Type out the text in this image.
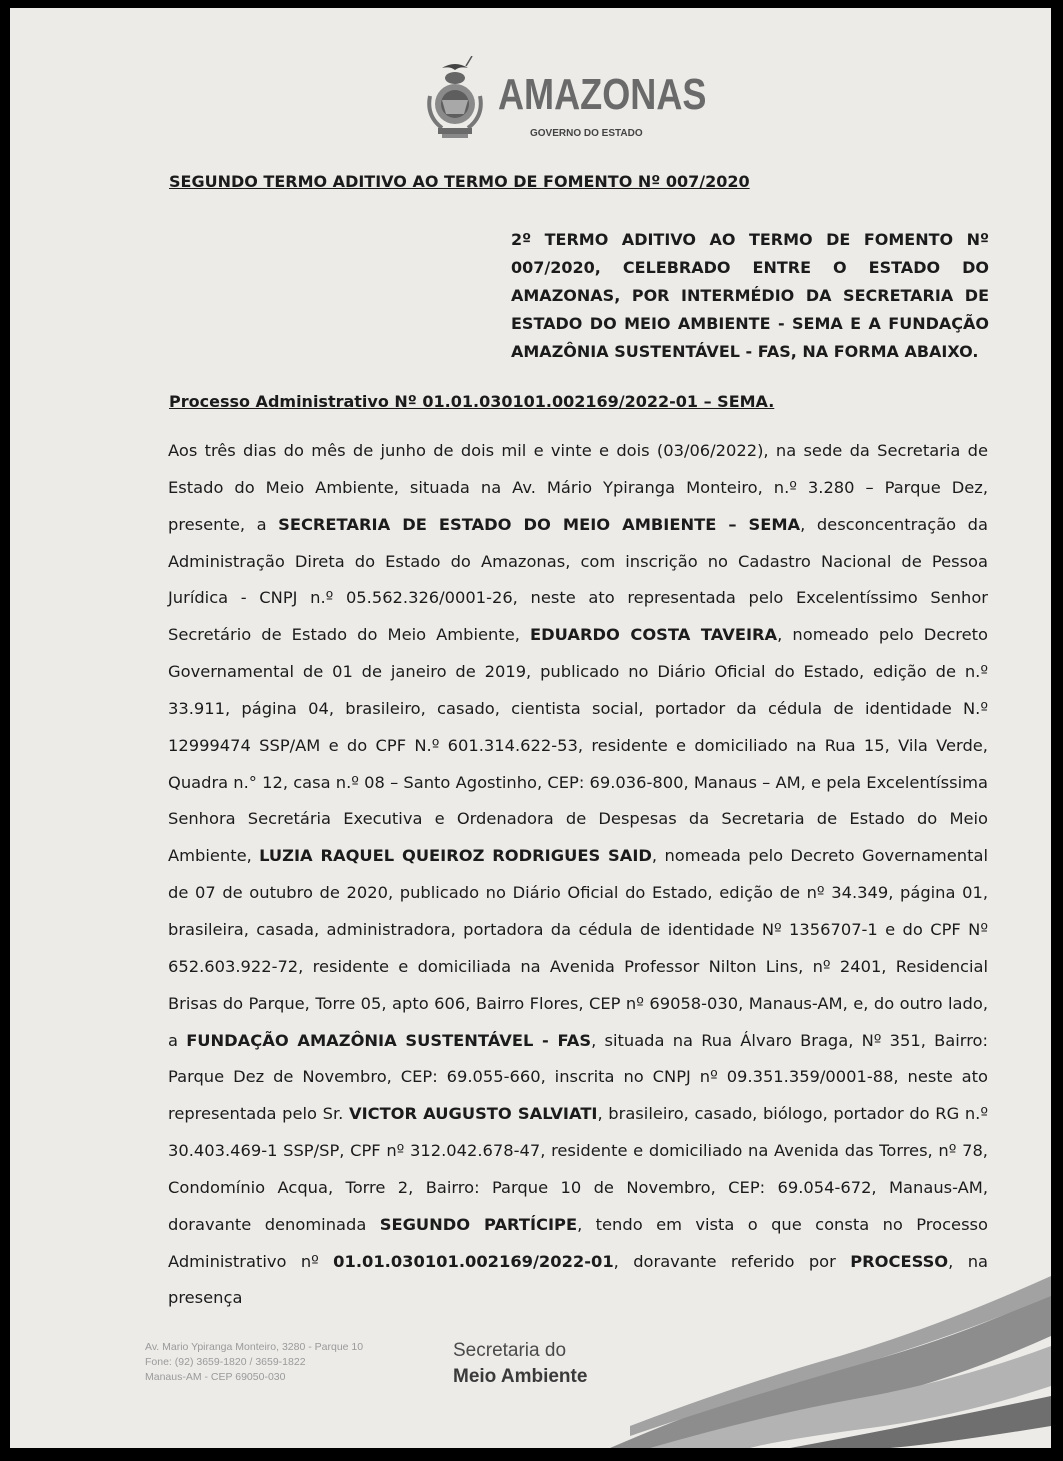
AMAZONAS
GOVERNO DO ESTADO
SEGUNDO TERMO ADITIVO AO TERMO DE FOMENTO Nº 007/2020
2º TERMO ADITIVO AO TERMO DE FOMENTO Nº 007/2020, CELEBRADO ENTRE O ESTADO DO AMAZONAS, POR INTERMÉDIO DA SECRETARIA DE ESTADO DO MEIO AMBIENTE - SEMA E A FUNDAÇÃO AMAZÔNIA SUSTENTÁVEL - FAS, NA FORMA ABAIXO.
Processo Administrativo Nº 01.01.030101.002169/2022-01 – SEMA.
Aos três dias do mês de junho de dois mil e vinte e dois (03/06/2022), na sede da Secretaria de Estado do Meio Ambiente, situada na Av. Mário Ypiranga Monteiro, n.º 3.280 – Parque Dez, presente, a SECRETARIA DE ESTADO DO MEIO AMBIENTE – SEMA, desconcentração da Administração Direta do Estado do Amazonas, com inscrição no Cadastro Nacional de Pessoa Jurídica - CNPJ n.º 05.562.326/0001-26, neste ato representada pelo Excelentíssimo Senhor Secretário de Estado do Meio Ambiente, EDUARDO COSTA TAVEIRA, nomeado pelo Decreto Governamental de 01 de janeiro de 2019, publicado no Diário Oficial do Estado, edição de n.º 33.911, página 04, brasileiro, casado, cientista social, portador da cédula de identidade N.º 12999474 SSP/AM e do CPF N.º 601.314.622-53, residente e domiciliado na Rua 15, Vila Verde, Quadra n.° 12, casa n.º 08 – Santo Agostinho, CEP: 69.036-800, Manaus – AM, e pela Excelentíssima Senhora Secretária Executiva e Ordenadora de Despesas da Secretaria de Estado do Meio Ambiente, LUZIA RAQUEL QUEIROZ RODRIGUES SAID, nomeada pelo Decreto Governamental de 07 de outubro de 2020, publicado no Diário Oficial do Estado, edição de nº 34.349, página 01, brasileira, casada, administradora, portadora da cédula de identidade Nº 1356707-1 e do CPF Nº 652.603.922-72, residente e domiciliada na Avenida Professor Nilton Lins, nº 2401, Residencial Brisas do Parque, Torre 05, apto 606, Bairro Flores, CEP nº 69058-030, Manaus-AM, e, do outro lado, a FUNDAÇÃO AMAZÔNIA SUSTENTÁVEL - FAS, situada na Rua Álvaro Braga, Nº 351, Bairro: Parque Dez de Novembro, CEP: 69.055-660, inscrita no CNPJ nº 09.351.359/0001-88, neste ato representada pelo Sr. VICTOR AUGUSTO SALVIATI, brasileiro, casado, biólogo, portador do RG n.º 30.403.469-1 SSP/SP, CPF nº 312.042.678-47, residente e domiciliado na Avenida das Torres, nº 78, Condomínio Acqua, Torre 2, Bairro: Parque 10 de Novembro, CEP: 69.054-672, Manaus-AM, doravante denominada SEGUNDO PARTÍCIPE, tendo em vista o que consta no Processo Administrativo nº 01.01.030101.002169/2022-01, doravante referido por PROCESSO, na presença
Av. Mario Ypiranga Monteiro, 3280 - Parque 10
Fone: (92) 3659-1820 / 3659-1822
Manaus-AM - CEP 69050-030
Secretaria do
Meio Ambiente
